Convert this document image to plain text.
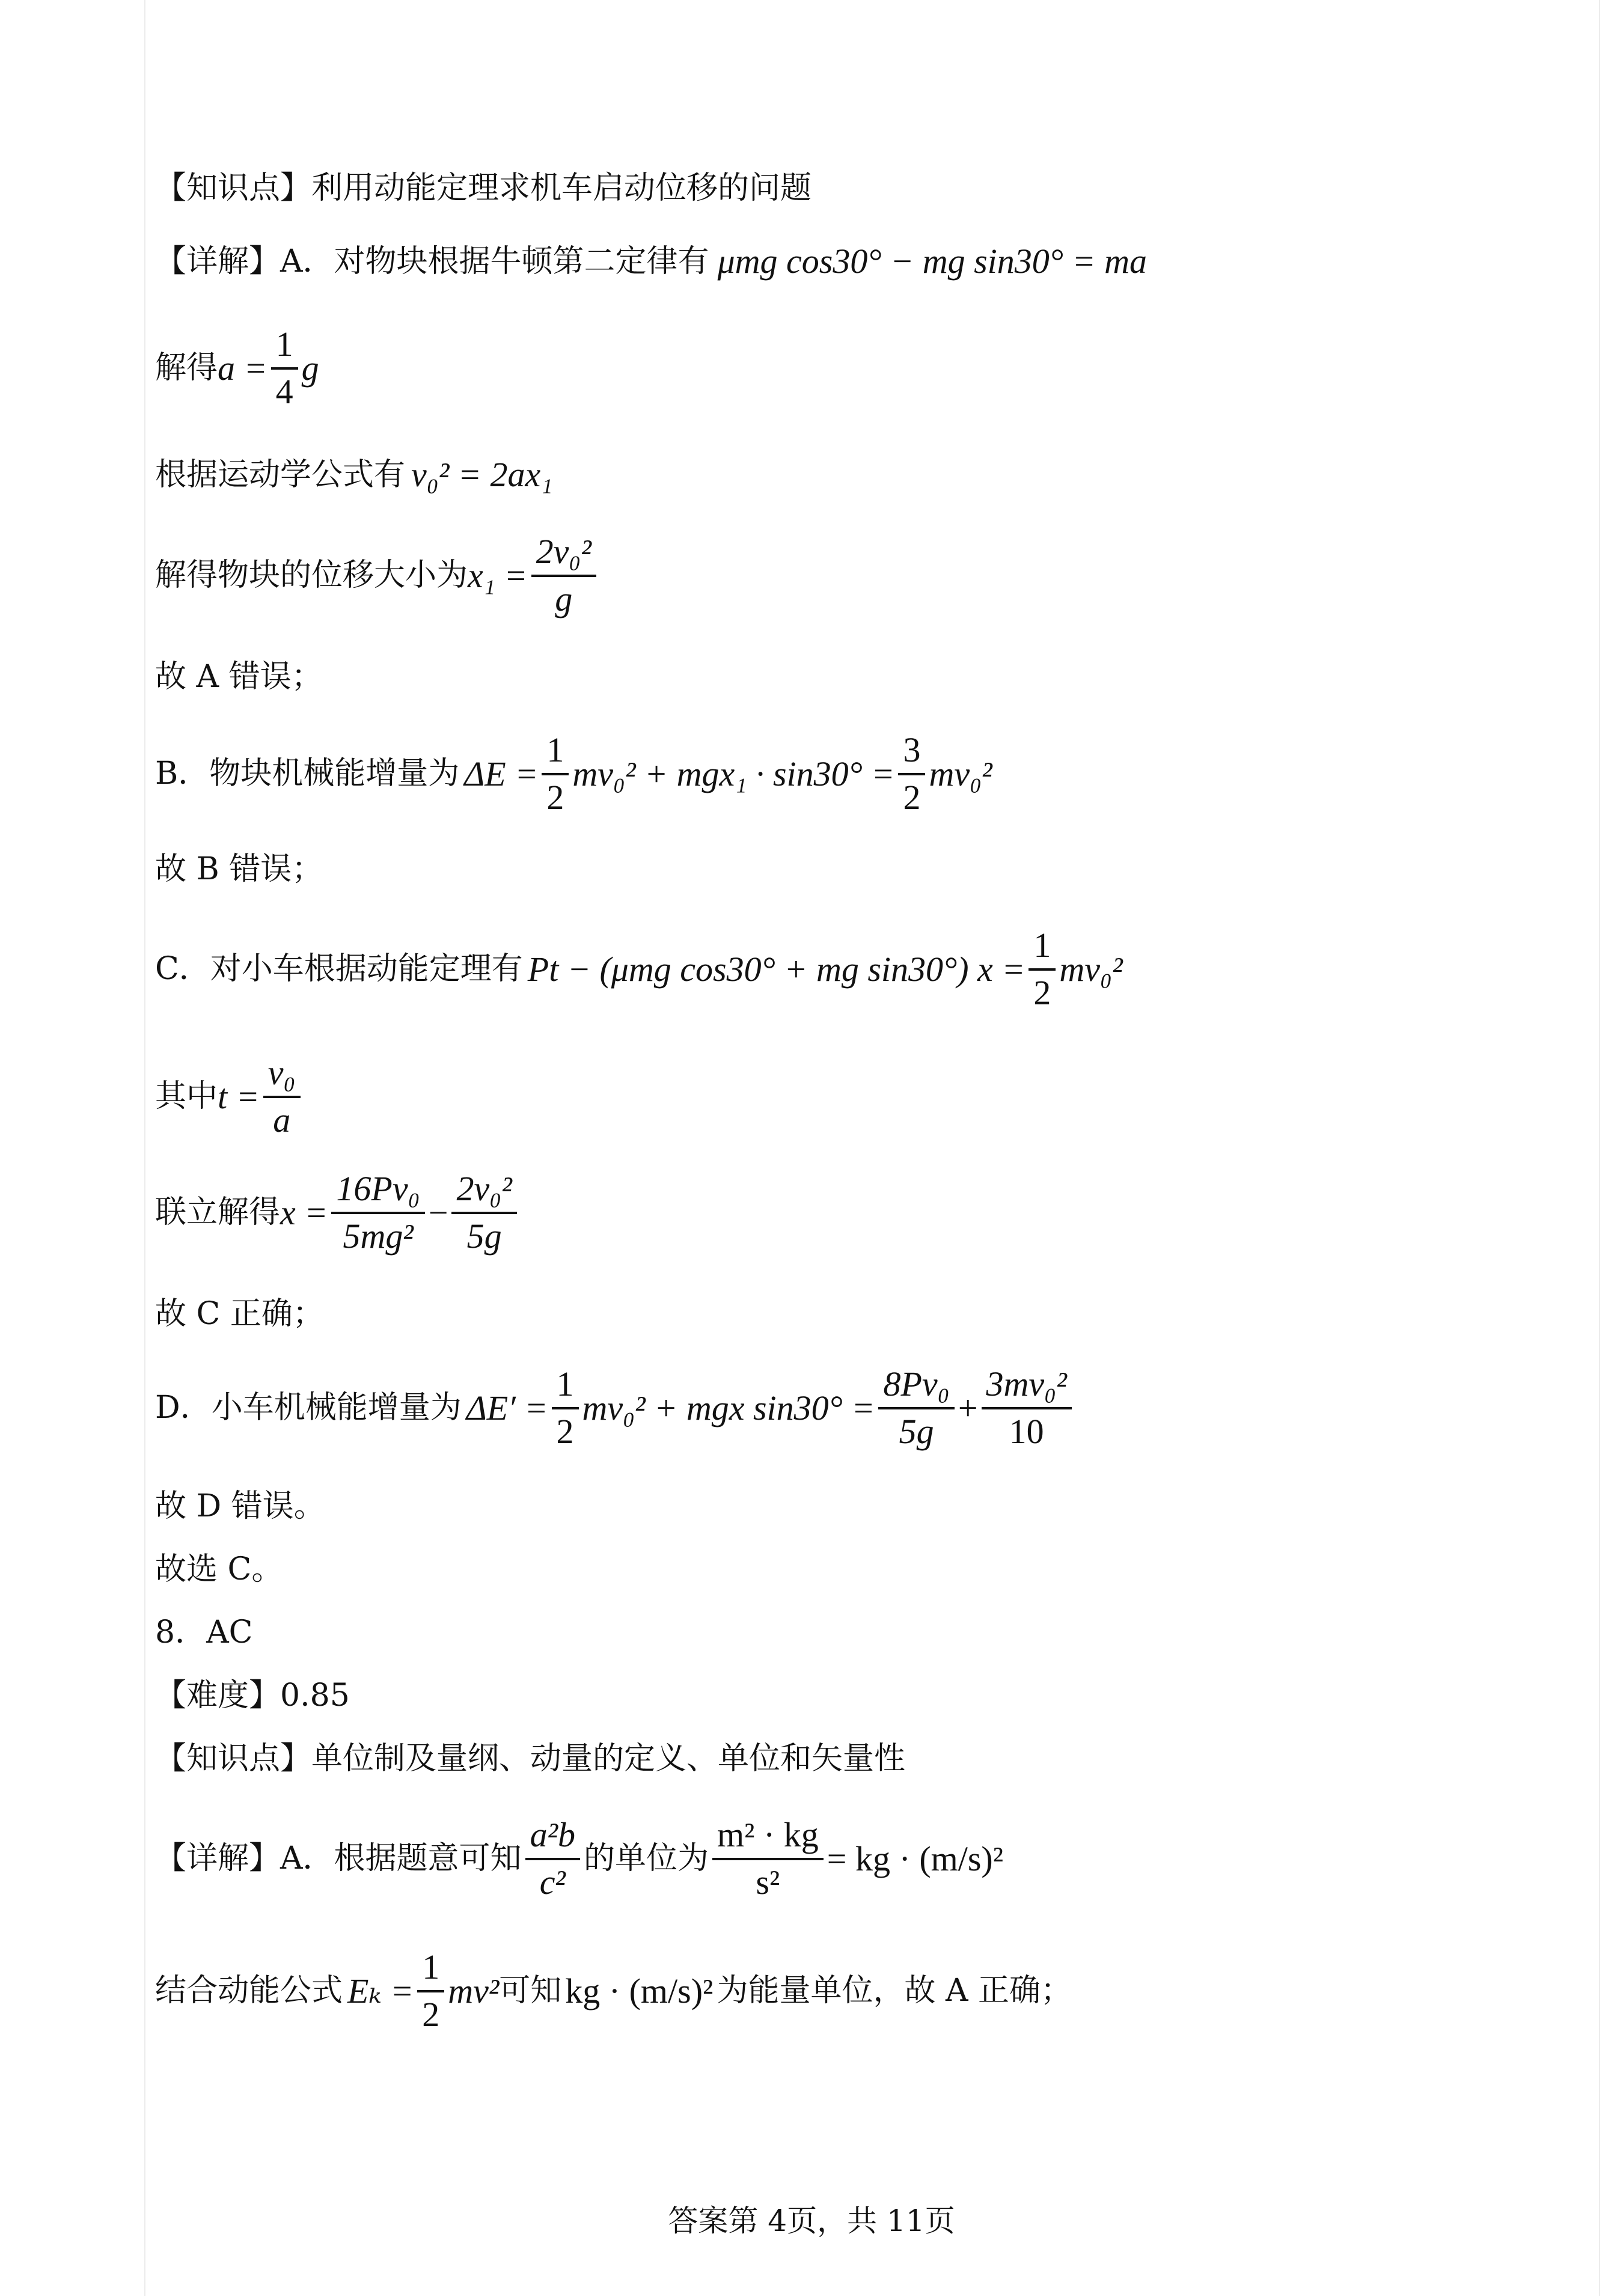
【知识点】利用动能定理求机车启动位移的问题
【详解】A．对物块根据牛顿第二定律有 μmg cos30° − mg sin30° = ma
解得 $a = \frac{1}{4}$ g
根据运动学公式有 v₀² = 2ax₁
解得物块的位移大小为 $x_1 = \frac{\text{2v₀²}}{g}$
故 A 错误；
B．物块机械能增量为 $\Delta E = \frac{1}{2} mv_0^2 + mgx_1 \cdot \sin 30^\circ = \frac{3}{2} mv_0^2$
故 B 错误；
C．对小车根据动能定理有 Pt − (μmg cos30° + mg sin30°) $x = \frac{1}{2} mv_0^2$
其中 $t = \frac{\text{v₀}}{a}$
联立解得 $x = \frac{\text{16Pv₀}}{\text{5mg²}} - \frac{\text{2v₀²}}{5g}$
故 C 正确；
D．小车机械能增量为 $\Delta E' = \frac{1}{2} mv_0^2$ + mgx $\sin 30^\circ = \frac{\text{8Pv₀}}{5g} + \frac{\text{3mv₀²}}{10}$
故 D 错误。
故选 C。
8．AC
【难度】0.85
【知识点】单位制及量纲、动量的定义、单位和矢量性
【详解】A．根据题意可知 $\frac{\text{a²b}}{\text{c²}}$ 的单位为 $\frac{\text{m² · kg}}{\text{s²}}$ = kg · (m/s)²
结合动能公式 $E_k = \frac{1}{2} mv^2$ 可知 kg · (m/s)² 为能量单位，故 A 正确；
答案第 4页，共 11页
